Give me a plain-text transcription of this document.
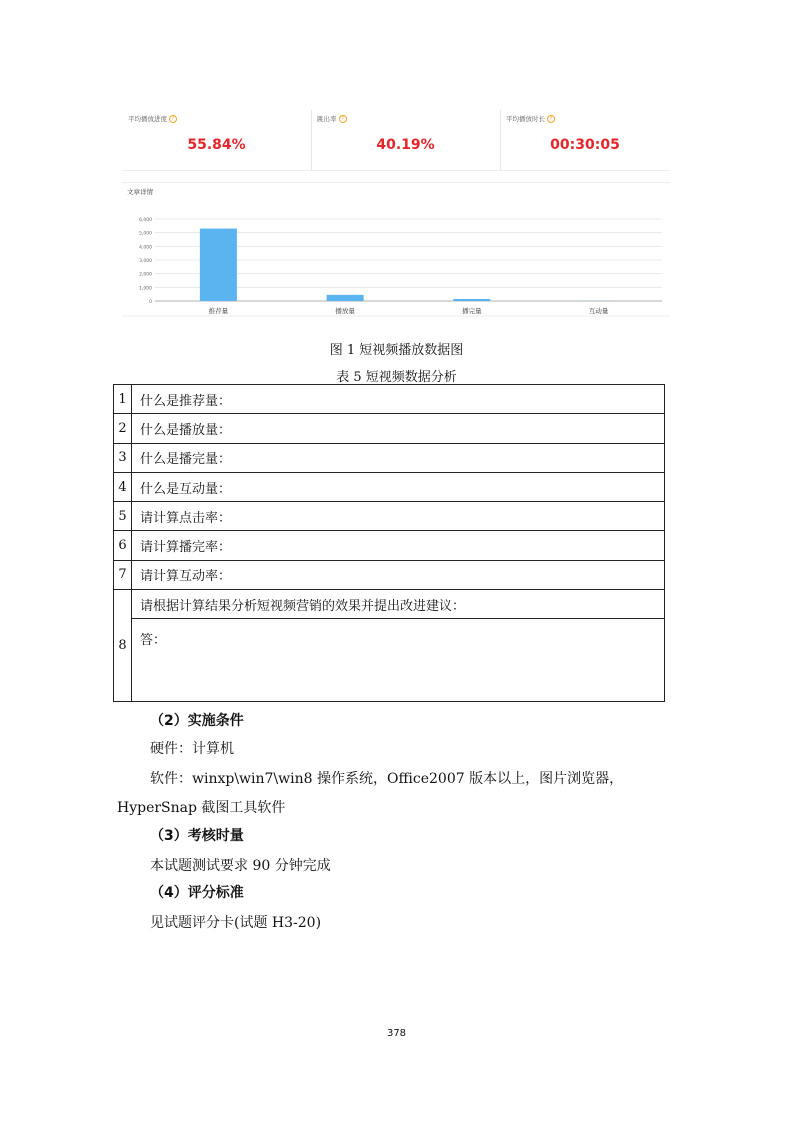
平均播放进度 ?
55.84%
跳出率 ?
40.19%
平均播放时长 ?
00:30:05
文章详情
0
1,000
2,000
3,000
4,000
5,000
6,000
推荐量	播放量	播完量	互动量
图 1 短视频播放数据图
表 5 短视频数据分析
1	什么是推荐量：
2	什么是播放量：
3	什么是播完量：
4	什么是互动量：
5	请计算点击率：
6	请计算播完率：
7	请计算互动率：
8	请根据计算结果分析短视频营销的效果并提出改进建议：
	答：
（2）实施条件
硬件：计算机
软件：winxp\win7\win8 操作系统，Office2007 版本以上，图片浏览器，
HyperSnap 截图工具软件
（3）考核时量
本试题测试要求 90 分钟完成
（4）评分标准
见试题评分卡(试题 H3-20)
378
